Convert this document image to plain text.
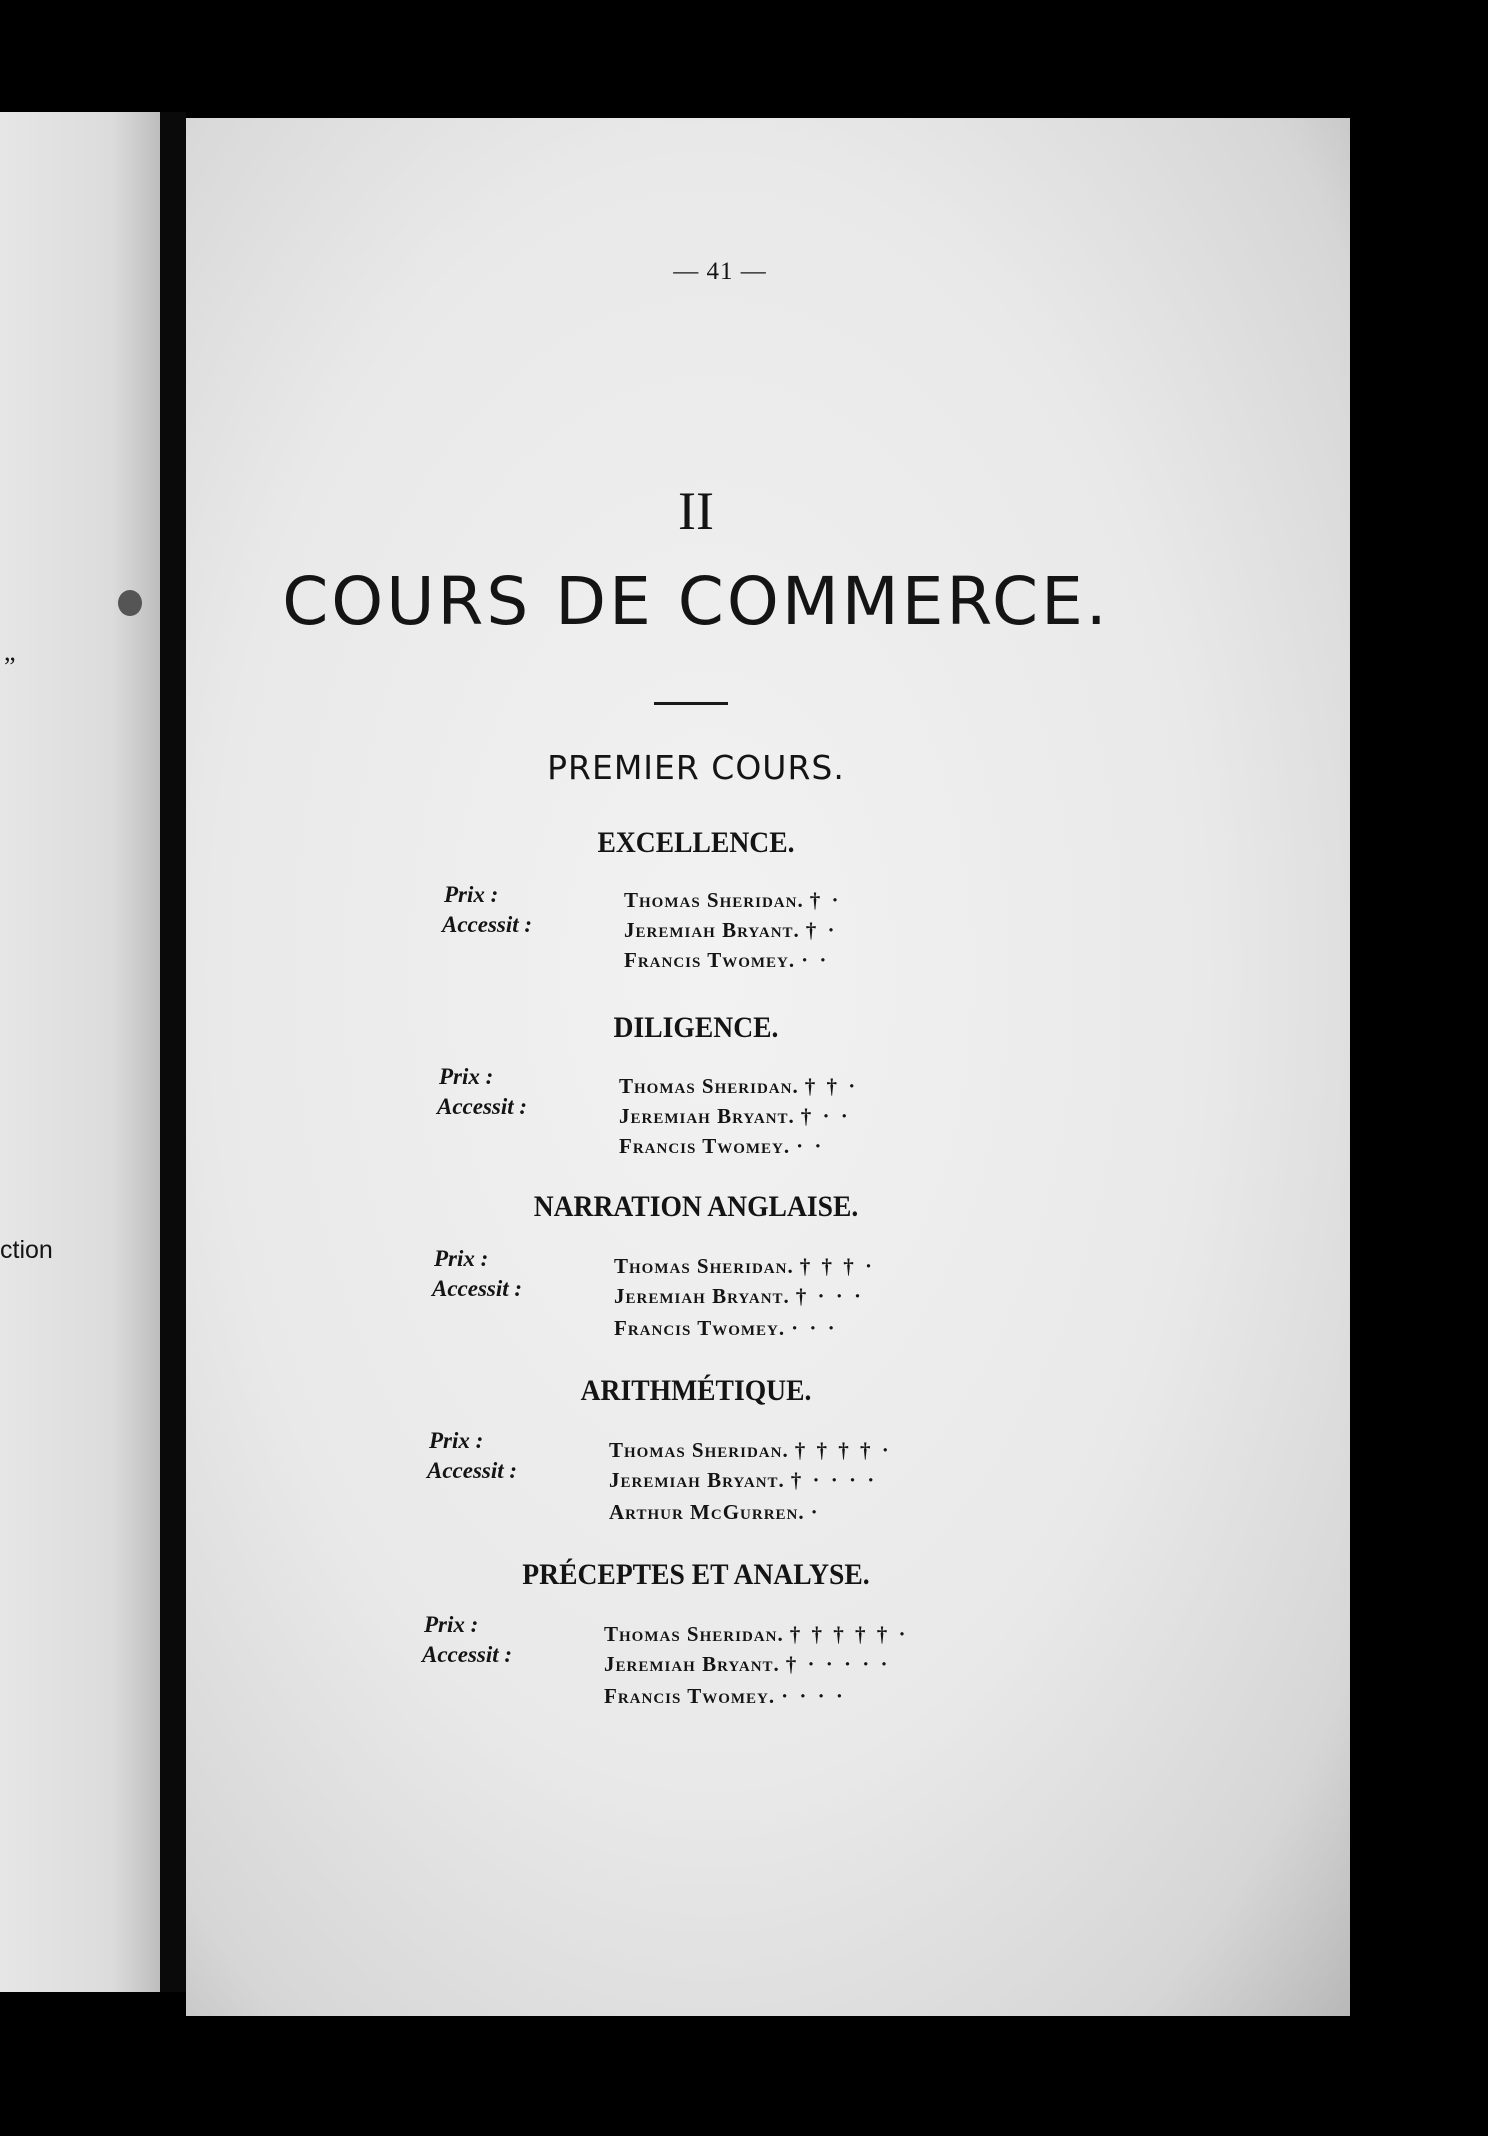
”
ction
— 41 —
II
COURS DE COMMERCE.
PREMIER COURS.
EXCELLENCE.
Prix :
Accessit :
Thomas Sheridan. † ·
Jeremiah Bryant. † ·
Francis Twomey. · ·
DILIGENCE.
Prix :
Accessit :
Thomas Sheridan. † † ·
Jeremiah Bryant. † · ·
Francis Twomey. · ·
NARRATION ANGLAISE.
Prix :
Accessit :
Thomas Sheridan. † † † ·
Jeremiah Bryant. † · · ·
Francis Twomey. · · ·
ARITHMÉTIQUE.
Prix :
Accessit :
Thomas Sheridan. † † † † ·
Jeremiah Bryant. † · · · ·
Arthur McGurren. ·
PRÉCEPTES ET ANALYSE.
Prix :
Accessit :
Thomas Sheridan. † † † † † ·
Jeremiah Bryant. † · · · · ·
Francis Twomey. · · · ·
